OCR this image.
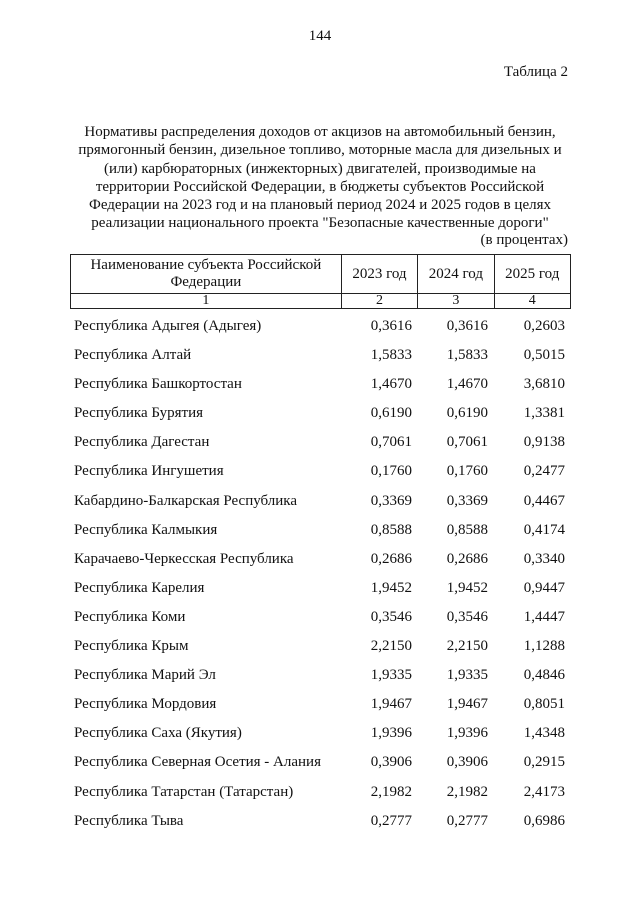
144
Таблица 2
Нормативы распределения доходов от акцизов на автомобильный бензин,
прямогонный бензин, дизельное топливо, моторные масла для дизельных и
(или) карбюраторных (инжекторных) двигателей, производимые на
территории Российской Федерации, в бюджеты субъектов Российской
Федерации на 2023 год и на плановый период 2024 и 2025 годов в целях
реализации национального проекта "Безопасные качественные дороги"
(в процентах)
Наименование субъекта Российской Федерации	2023 год	2024 год	2025 год
1	2	3	4
Республика Адыгея (Адыгея)	0,3616	0,3616	0,2603
Республика Алтай	1,5833	1,5833	0,5015
Республика Башкортостан	1,4670	1,4670	3,6810
Республика Бурятия	0,6190	0,6190	1,3381
Республика Дагестан	0,7061	0,7061	0,9138
Республика Ингушетия	0,1760	0,1760	0,2477
Кабардино-Балкарская Республика	0,3369	0,3369	0,4467
Республика Калмыкия	0,8588	0,8588	0,4174
Карачаево-Черкесская Республика	0,2686	0,2686	0,3340
Республика Карелия	1,9452	1,9452	0,9447
Республика Коми	0,3546	0,3546	1,4447
Республика Крым	2,2150	2,2150	1,1288
Республика Марий Эл	1,9335	1,9335	0,4846
Республика Мордовия	1,9467	1,9467	0,8051
Республика Саха (Якутия)	1,9396	1,9396	1,4348
Республика Северная Осетия - Алания	0,3906	0,3906	0,2915
Республика Татарстан (Татарстан)	2,1982	2,1982	2,4173
Республика Тыва	0,2777	0,2777	0,6986
